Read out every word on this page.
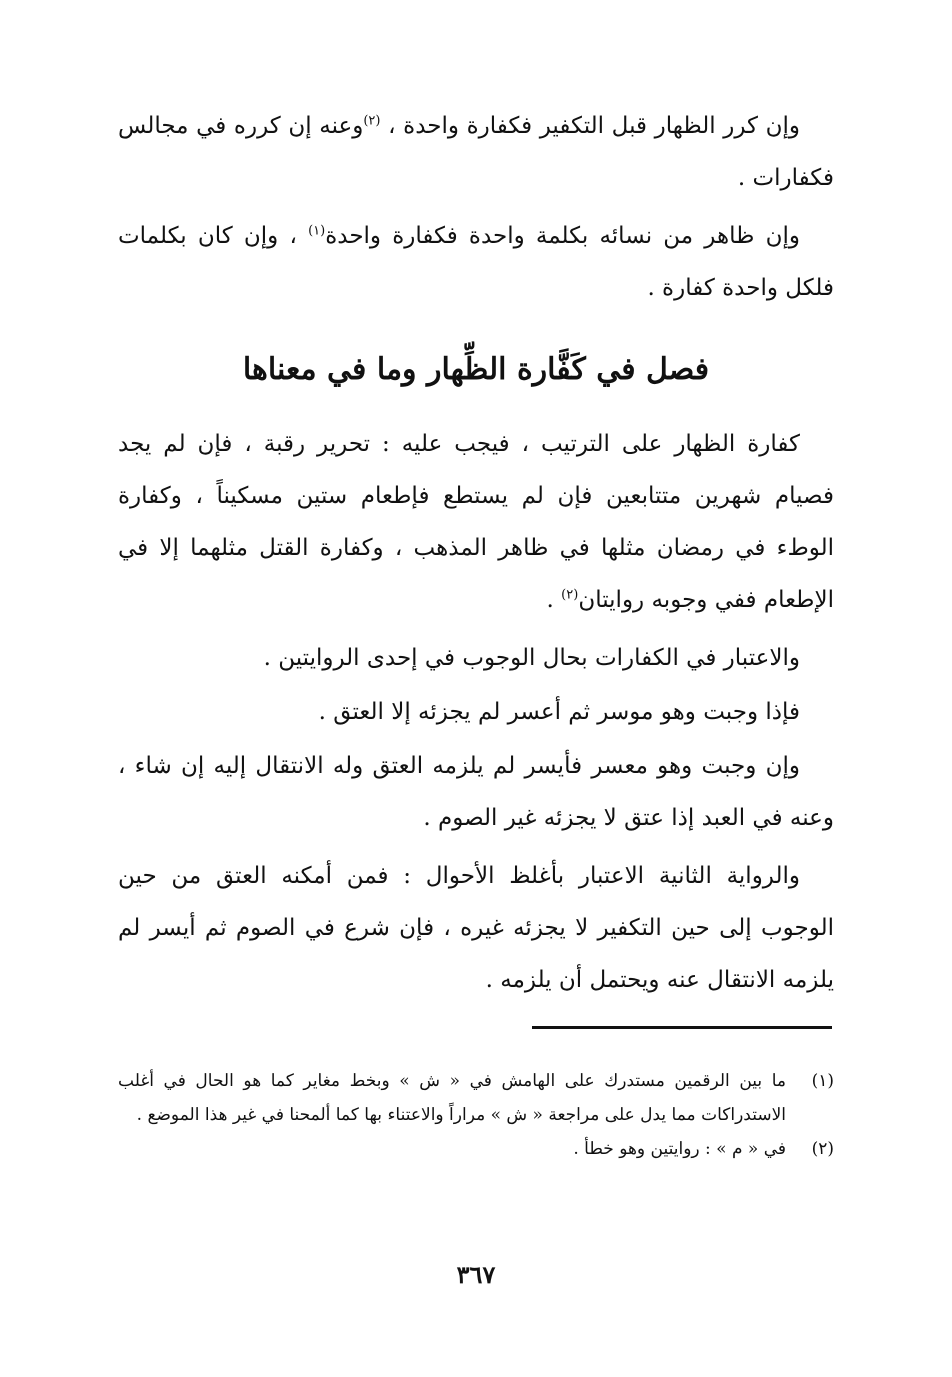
وإن كرر الظهار قبل التكفير فكفارة واحدة ، $^{(٢)}$وعنه إن كرره في مجالس فكفارات .

وإن ظاهر من نسائه بكلمة واحدة فكفارة واحدة$^{(١)}$ ، وإن كان بكلمات فلكل واحدة كفارة .

فصل في كَفَّارة الظِّهار وما في معناها

كفارة الظهار على الترتيب ، فيجب عليه : تحرير رقبة ، فإن لم يجد فصيام شهرين متتابعين فإن لم يستطع فإطعام ستين مسكيناً ، وكفارة الوطء في رمضان مثلها في ظاهر المذهب ، وكفارة القتل مثلهما إلا في الإطعام ففي وجوبه روايتان$^{(٢)}$ .

والاعتبار في الكفارات بحال الوجوب في إحدى الروايتين .

فإذا وجبت وهو موسر ثم أعسر لم يجزئه إلا العتق .

وإن وجبت وهو معسر فأيسر لم يلزمه العتق وله الانتقال إليه إن شاء ، وعنه في العبد إذا عتق لا يجزئه غير الصوم .

والرواية الثانية الاعتبار بأغلظ الأحوال : فمن أمكنه العتق من حين الوجوب إلى حين التكفير لا يجزئه غيره ، فإن شرع في الصوم ثم أيسر لم يلزمه الانتقال عنه ويحتمل أن يلزمه .

(١)
ما بين الرقمين مستدرك على الهامش في « ش » وبخط مغاير كما هو الحال في أغلب الاستدراكات مما يدل على مراجعة « ش » مراراً والاعتناء بها كما ألمحنا في غير هذا الموضع .
(٢)
في « م » : روايتين وهو خطأ .
٣٦٧
